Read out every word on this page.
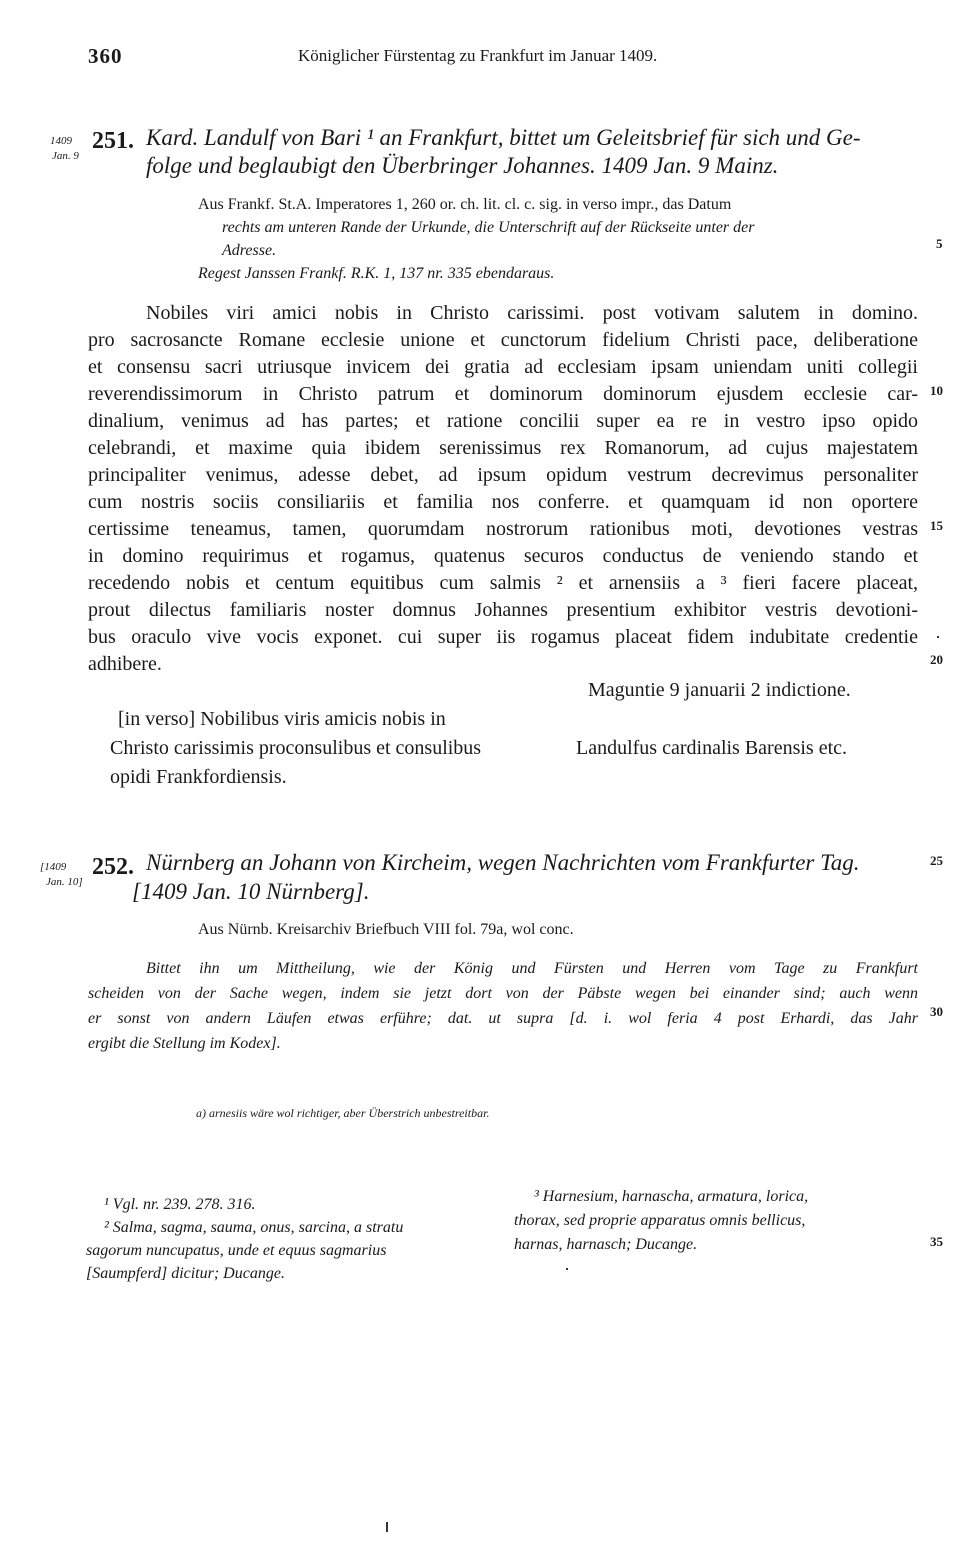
360	Königlicher Fürstentag zu Frankfurt im Januar 1409.
1409
Jan. 9
251. Kard. Landulf von Bari ¹ an Frankfurt, bittet um Geleitsbrief für sich und Ge-
folge und beglaubigt den Überbringer Johannes. 1409 Jan. 9 Mainz.
Aus Frankf. St.A. Imperatores 1, 260 or. ch. lit. cl. c. sig. in verso impr., das Datum
rechts am unteren Rande der Urkunde, die Unterschrift auf der Rückseite unter der
Adresse.
Regest Janssen Frankf. R.K. 1, 137 nr. 335 ebendaraus.
Nobiles viri amici nobis in Christo carissimi. post votivam salutem in domino.
pro sacrosancte Romane ecclesie unione et cunctorum fidelium Christi pace, deliberatione
et consensu sacri utriusque invicem dei gratia ad ecclesiam ipsam uniendam uniti collegii
reverendissimorum in Christo patrum et dominorum dominorum ejusdem ecclesie car-
dinalium, venimus ad has partes; et ratione concilii super ea re in vestro ipso opido
celebrandi, et maxime quia ibidem serenissimus rex Romanorum, ad cujus majestatem
principaliter venimus, adesse debet, ad ipsum opidum vestrum decrevimus personaliter
cum nostris sociis consiliariis et familia nos conferre. et quamquam id non oportere
certissime teneamus, tamen, quorumdam nostrorum rationibus moti, devotiones vestras
in domino requirimus et rogamus, quatenus securos conductus de veniendo stando et
recedendo nobis et centum equitibus cum salmis ² et arnensiis a ³ fieri facere placeat,
prout dilectus familiaris noster domnus Johannes presentium exhibitor vestris devotioni-
bus oraculo vive vocis exponet. cui super iis rogamus placeat fidem indubitate credentie
adhibere.
Maguntie 9 januarii 2 indictione.
[in verso] Nobilibus viris amicis nobis in
Christo carissimis proconsulibus et consulibus
opidi Frankfordiensis.
Landulfus cardinalis Barensis etc.
[1409
Jan. 10]
252. Nürnberg an Johann von Kircheim, wegen Nachrichten vom Frankfurter Tag.
[1409 Jan. 10 Nürnberg].
Aus Nürnb. Kreisarchiv Briefbuch VIII fol. 79a, wol conc.
Bittet ihn um Mittheilung, wie der König und Fürsten und Herren vom Tage zu Frankfurt
scheiden von der Sache wegen, indem sie jetzt dort von der Päbste wegen bei einander sind; auch wenn
er sonst von andern Läufen etwas erführe; dat. ut supra [d. i. wol feria 4 post Erhardi, das Jahr
ergibt die Stellung im Kodex].
a) arnesiis wäre wol richtiger, aber Überstrich unbestreitbar.
¹ Vgl. nr. 239. 278. 316.
² Salma, sagma, sauma, onus, sarcina, a stratu
sagorum nuncupatus, unde et equus sagmarius
[Saumpferd] dicitur; Ducange.
³ Harnesium, harnascha, armatura, lorica,
thorax, sed proprie apparatus omnis bellicus,
harnas, harnasch; Ducange.
5
10
15
20
25
30
35
